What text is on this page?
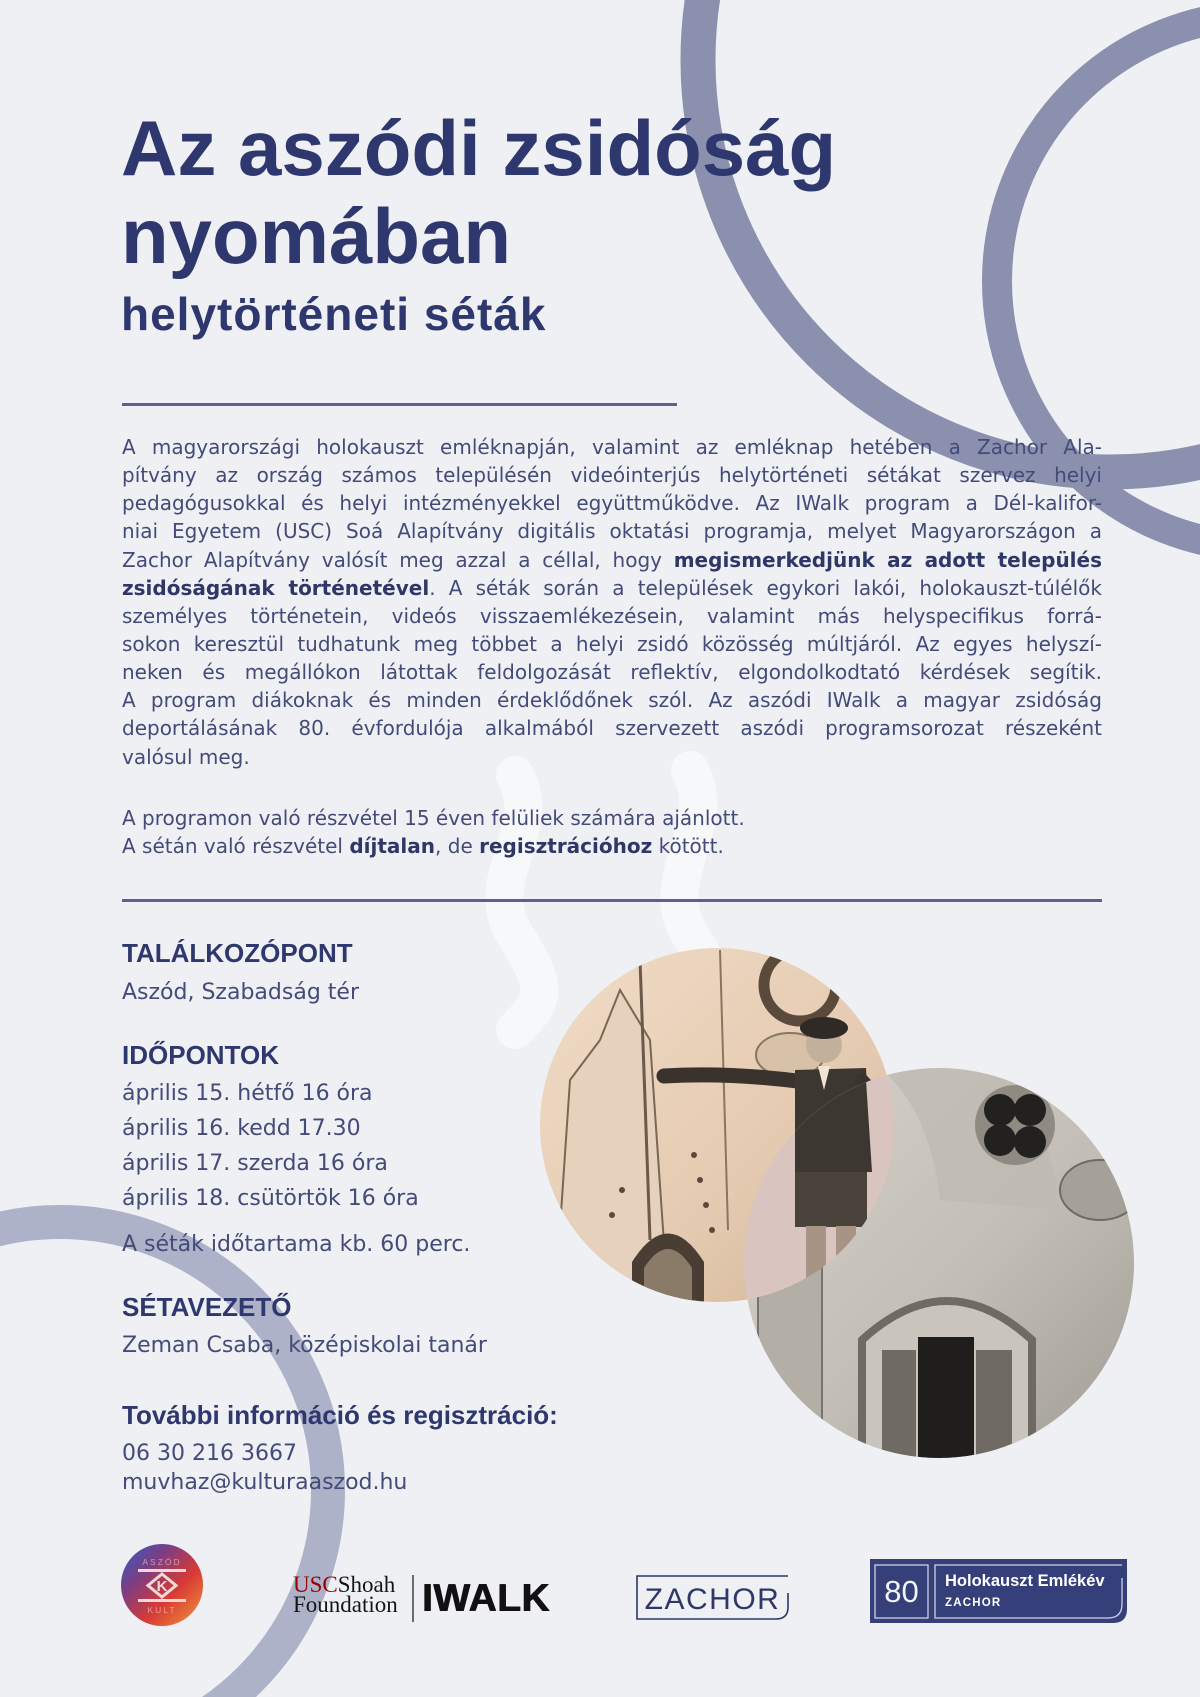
Az aszódi zsidóság
nyomában
helytörténeti séták
A magyarországi holokauszt emléknapján, valamint az emléknap hetében a Zachor Ala-
pítvány az ország számos településén videóinterjús helytörténeti sétákat szervez helyi
pedagógusokkal és helyi intézményekkel együttműködve. Az IWalk program a Dél-kalifor-
niai Egyetem (USC) Soá Alapítvány digitális oktatási programja, melyet Magyarországon a
Zachor Alapítvány valósít meg azzal a céllal, hogy megismerkedjünk az adott település
zsidóságának történetével. A séták során a települések egykori lakói, holokauszt-túlélők
személyes történetein, videós visszaemlékezésein, valamint más helyspecifikus forrá-
sokon keresztül tudhatunk meg többet a helyi zsidó közösség múltjáról. Az egyes helyszí-
neken és megállókon látottak feldolgozását reflektív, elgondolkodtató kérdések segítik.
A program diákoknak és minden érdeklődőnek szól. Az aszódi IWalk a magyar zsidóság
deportálásának 80. évfordulója alkalmából szervezett aszódi programsorozat részeként
valósul meg.
A programon való részvétel 15 éven felüliek számára ajánlott.
A sétán való részvétel díjtalan, de regisztrációhoz kötött.
TALÁLKOZÓPONT
Aszód, Szabadság tér
IDŐPONTOK
április 15. hétfő 16 óra
április 16. kedd 17.30
április 17. szerda 16 óra
április 18. csütörtök 16 óra
A séták időtartama kb. 60 perc.
SÉTAVEZETŐ
Zeman Csaba, középiskolai tanár
További információ és regisztráció:
06 30 216 3667
muvhaz@kulturaaszod.hu
K
ASZÓD
KULT
USCShoah
Foundation IWALK	ZACHOR	80	Holokauszt Emlékév
ZACHOR
